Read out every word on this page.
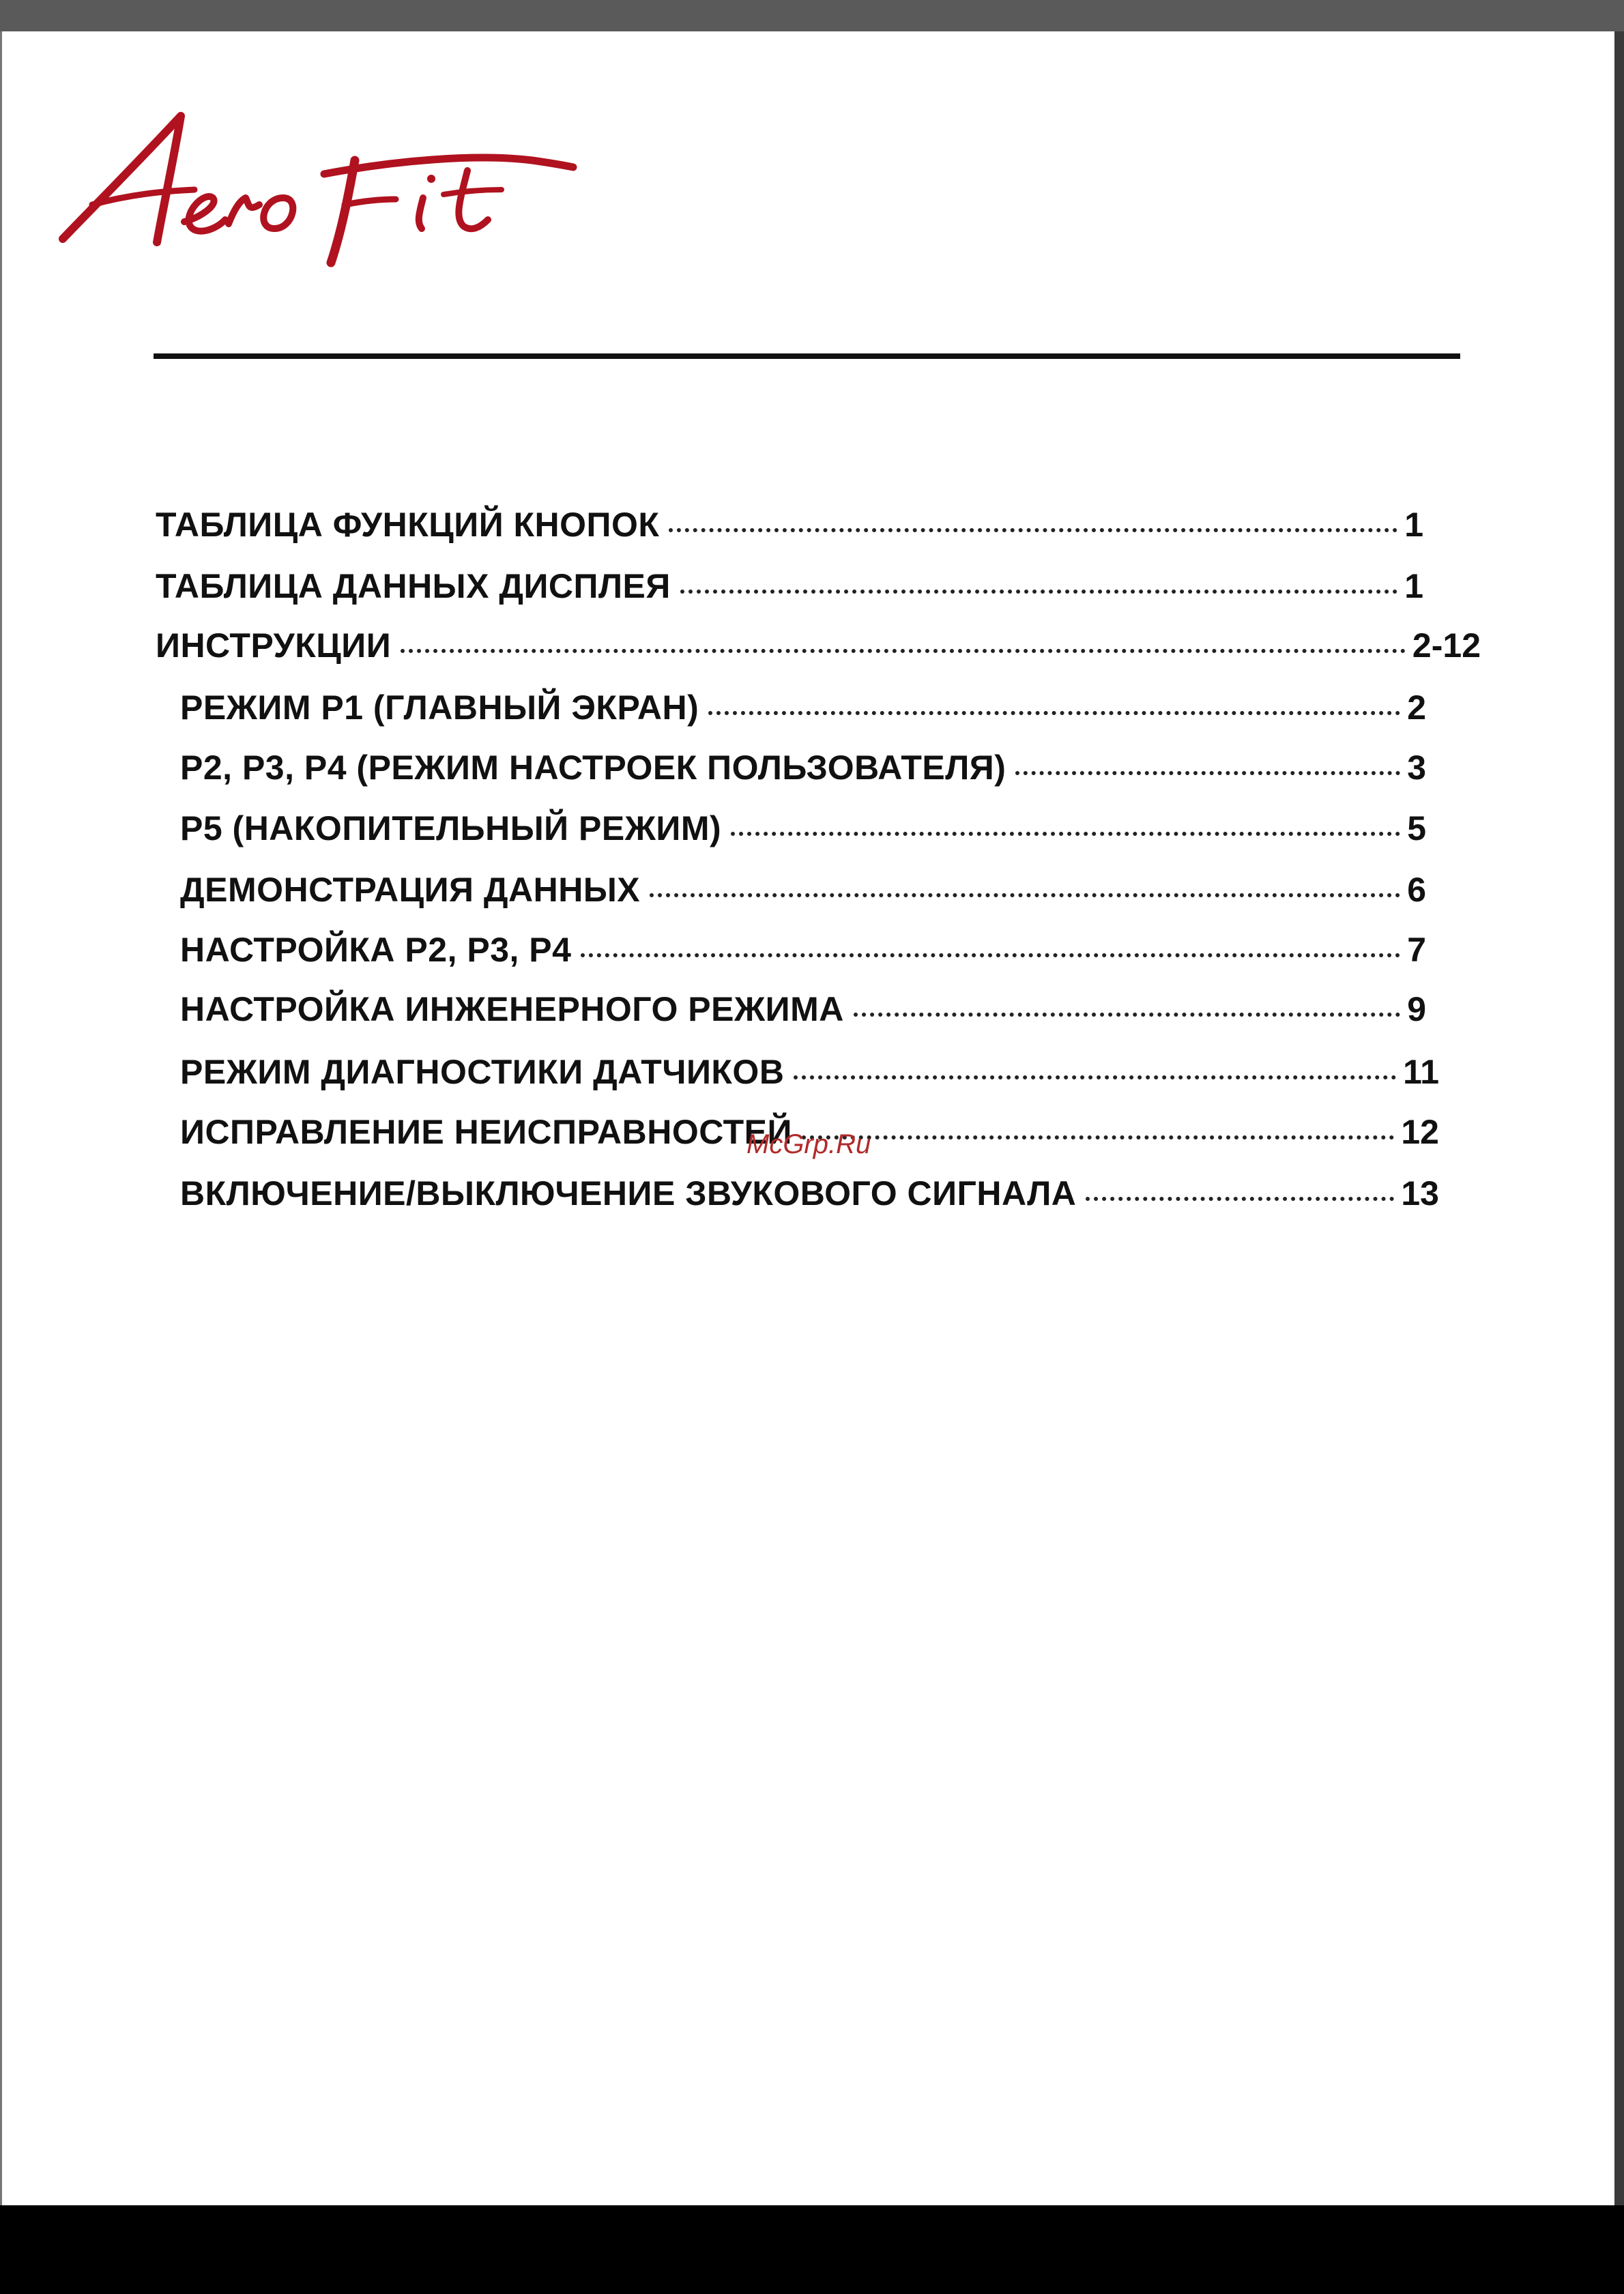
ТАБЛИЦА ФУНКЦИЙ КНОПОК	1
ТАБЛИЦА ДАННЫХ ДИСПЛЕЯ	1
ИНСТРУКЦИИ	2-12
РЕЖИМ P1 (ГЛАВНЫЙ ЭКРАН)	2
P2, P3, P4 (РЕЖИМ НАСТРОЕК ПОЛЬЗОВАТЕЛЯ)	3
P5 (НАКОПИТЕЛЬНЫЙ РЕЖИМ)	5
ДЕМОНСТРАЦИЯ ДАННЫХ	6
НАСТРОЙКА P2, P3, P4	7
НАСТРОЙКА ИНЖЕНЕРНОГО РЕЖИМА	9
РЕЖИМ ДИАГНОСТИКИ ДАТЧИКОВ	11
ИСПРАВЛЕНИЕ НЕИСПРАВНОСТЕЙ	12
ВКЛЮЧЕНИЕ/ВЫКЛЮЧЕНИЕ ЗВУКОВОГО СИГНАЛА	13
McGrp.Ru
